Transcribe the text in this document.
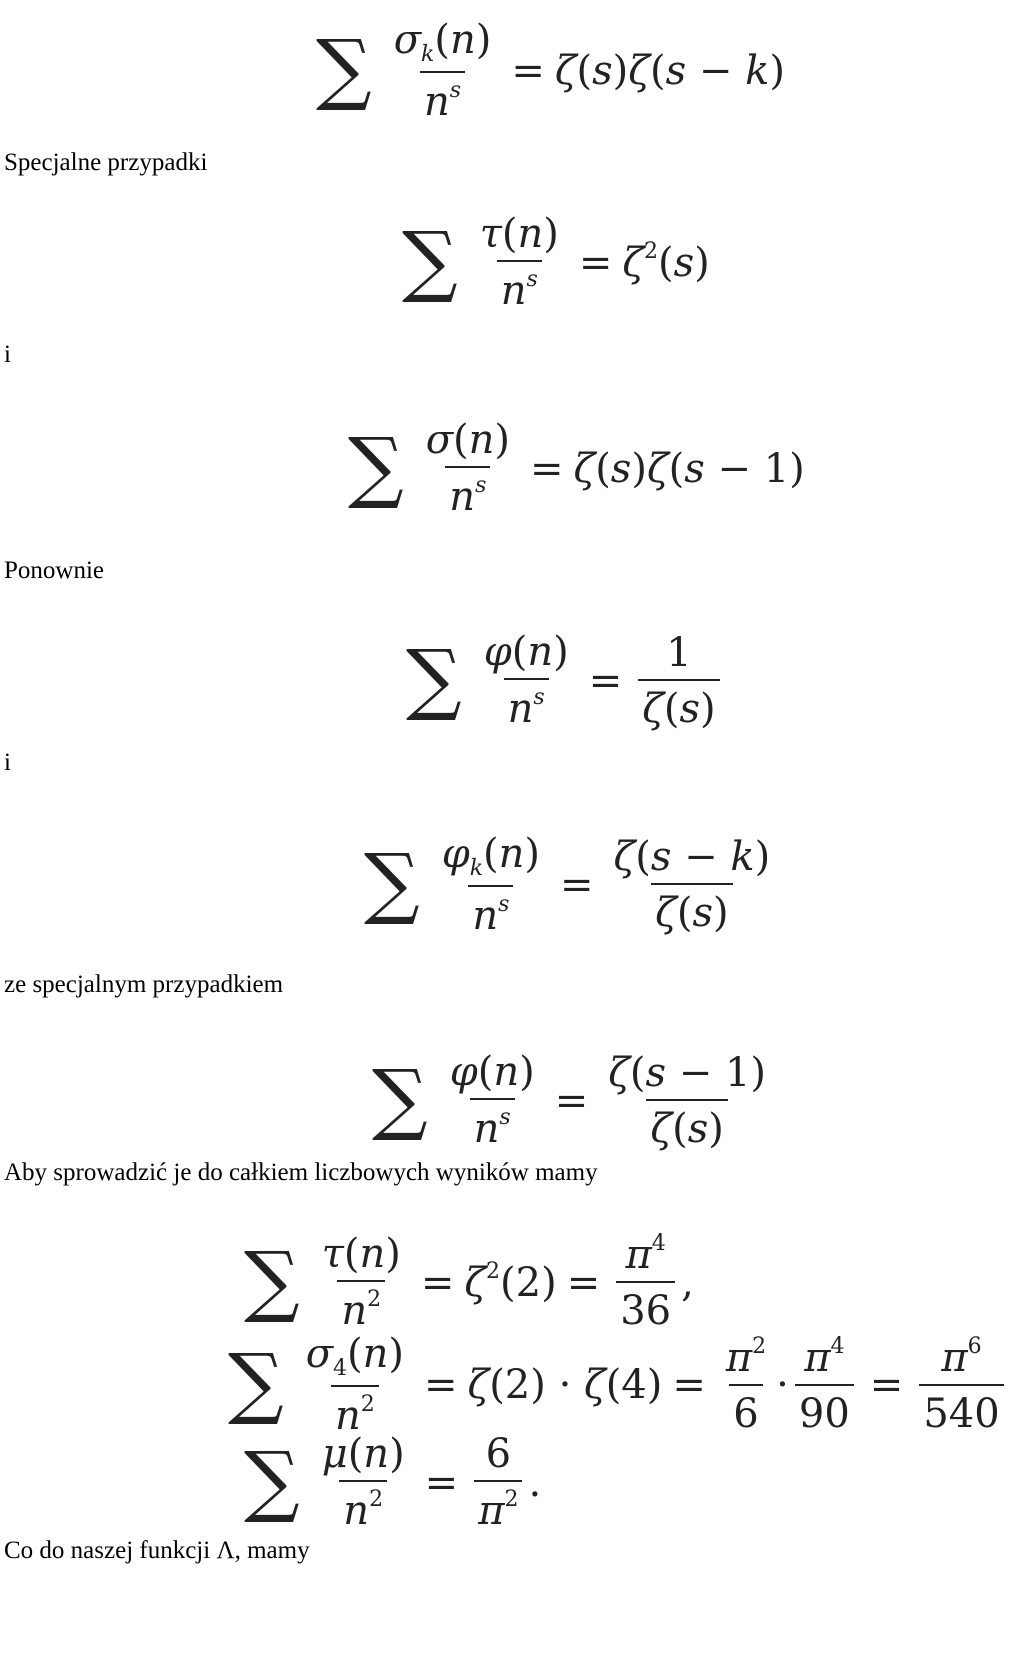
∑ $\frac{\sigma_k(n)}{n^s} = \zeta(s)\zeta(s - k)$
Specjalne przypadki
∑ $\frac{\tau(n)}{n^s} = \zeta^2(s)$
i
∑ $\frac{\sigma(n)}{n^s} = \zeta(s)\zeta(s - 1)$
Ponownie
∑ $\frac{\varphi(n)}{n^s} = \frac{1}{\zeta(s)}$
i
∑ $\frac{\varphi_k(n)}{n^s} = \frac{\zeta(s - k)}{\zeta(s)}$
ze specjalnym przypadkiem
∑ $\frac{\varphi(n)}{n^s} = \frac{\zeta(s - 1)}{\zeta(s)}$
Aby sprowadzić je do całkiem liczbowych wyników mamy
∑ $\frac{\tau(n)}{n^2} = \zeta^2(2) = \frac{\pi^4}{36}$ ,
∑ $\frac{\sigma_4(n)}{n^2} = \zeta(2) \cdot \zeta(4) = \frac{\pi^2}{6} \cdot \frac{\pi^4}{90} = \frac{\pi^6}{540}$
∑ $\frac{\mu(n)}{n^2} = \frac{6}{\pi^2}$ .
Co do naszej funkcji Λ, mamy
